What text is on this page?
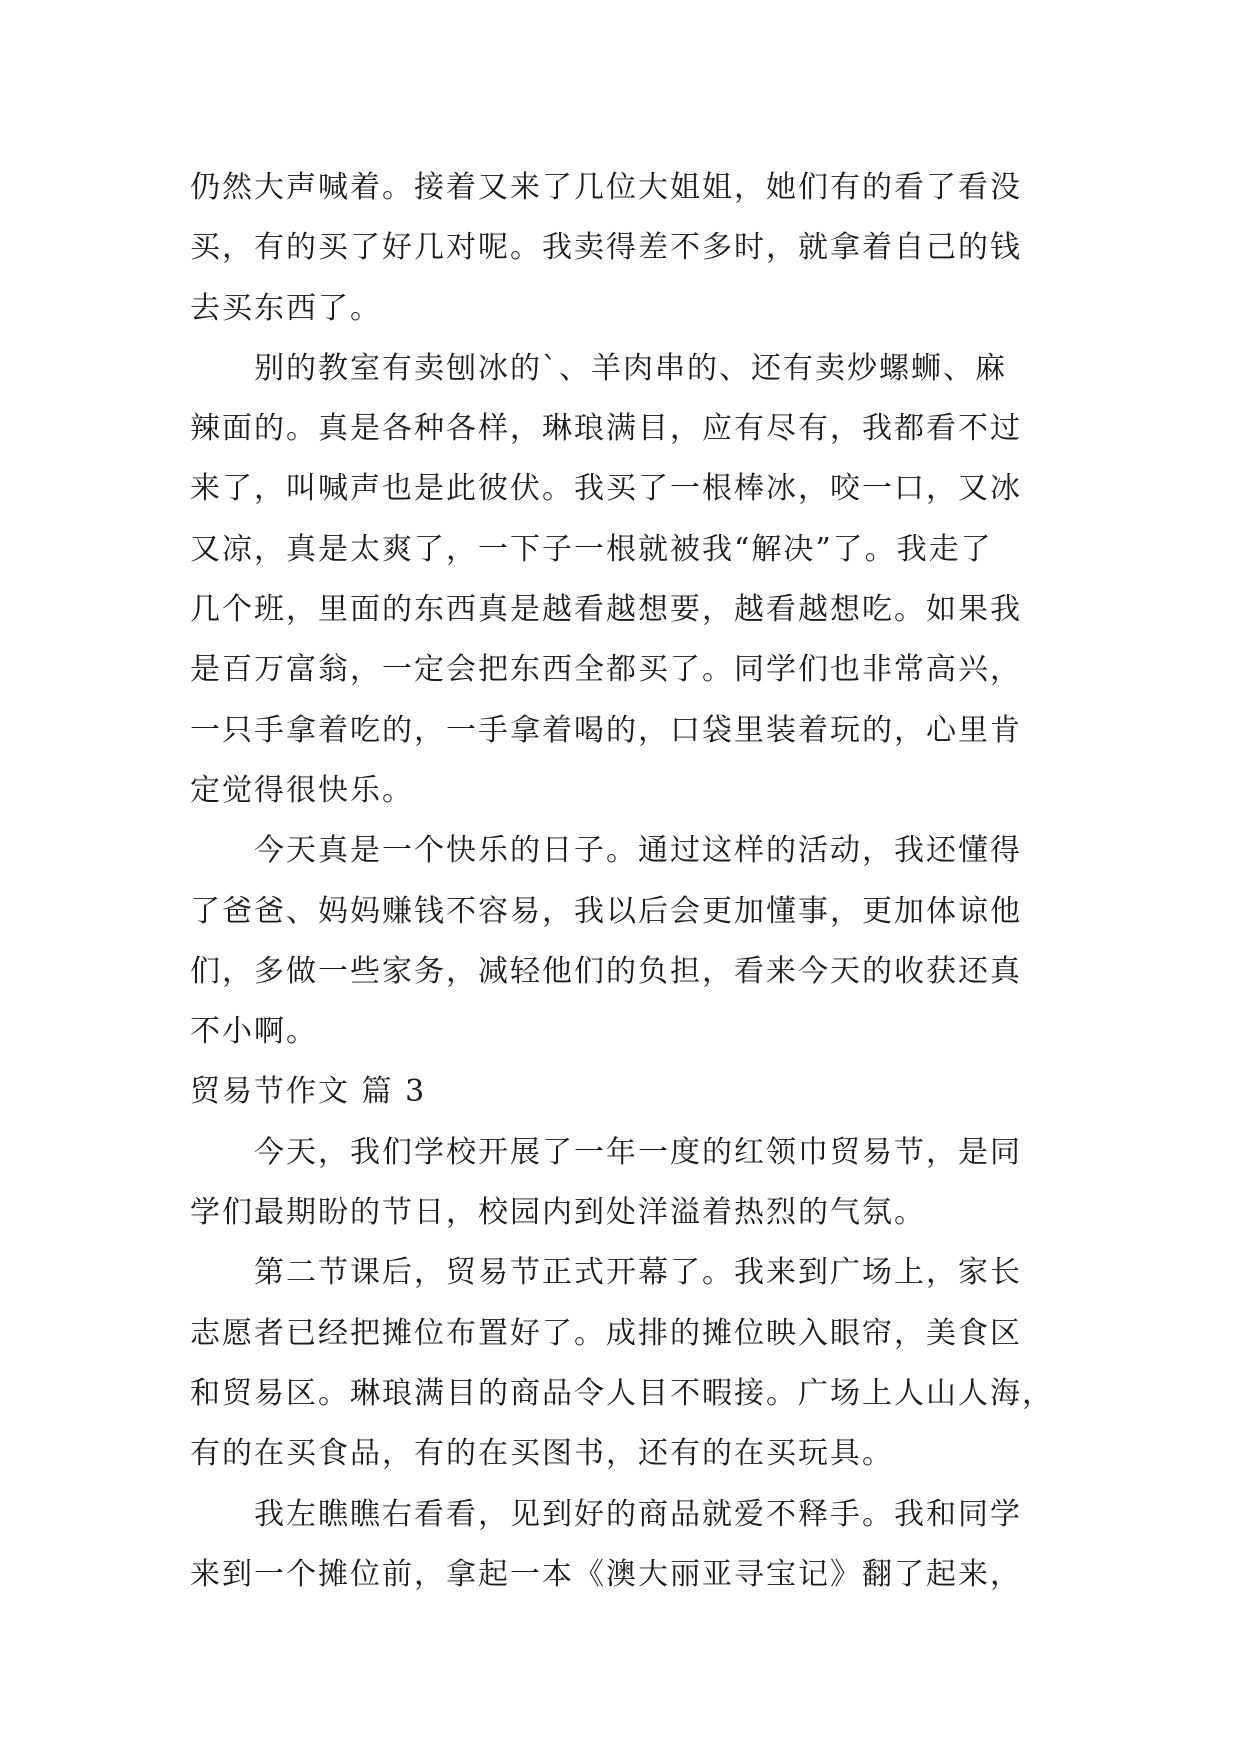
仍然大声喊着。接着又来了几位大姐姐，她们有的看了看没
买，有的买了好几对呢。我卖得差不多时，就拿着自己的钱
去买东西了。
别的教室有卖刨冰的`、羊肉串的、还有卖炒螺蛳、麻
辣面的。真是各种各样，琳琅满目，应有尽有，我都看不过
来了，叫喊声也是此彼伏。我买了一根棒冰，咬一口，又冰
又凉，真是太爽了，一下子一根就被我“解决”了。我走了
几个班，里面的东西真是越看越想要，越看越想吃。如果我
是百万富翁，一定会把东西全都买了。同学们也非常高兴，
一只手拿着吃的，一手拿着喝的，口袋里装着玩的，心里肯
定觉得很快乐。
今天真是一个快乐的日子。通过这样的活动，我还懂得
了爸爸、妈妈赚钱不容易，我以后会更加懂事，更加体谅他
们，多做一些家务，减轻他们的负担，看来今天的收获还真
不小啊。
贸易节作文 篇 3
今天，我们学校开展了一年一度的红领巾贸易节，是同
学们最期盼的节日，校园内到处洋溢着热烈的气氛。
第二节课后，贸易节正式开幕了。我来到广场上，家长
志愿者已经把摊位布置好了。成排的摊位映入眼帘，美食区
和贸易区。琳琅满目的商品令人目不暇接。广场上人山人海，
有的在买食品，有的在买图书，还有的在买玩具。
我左瞧瞧右看看，见到好的商品就爱不释手。我和同学
来到一个摊位前，拿起一本《澳大丽亚寻宝记》翻了起来，
